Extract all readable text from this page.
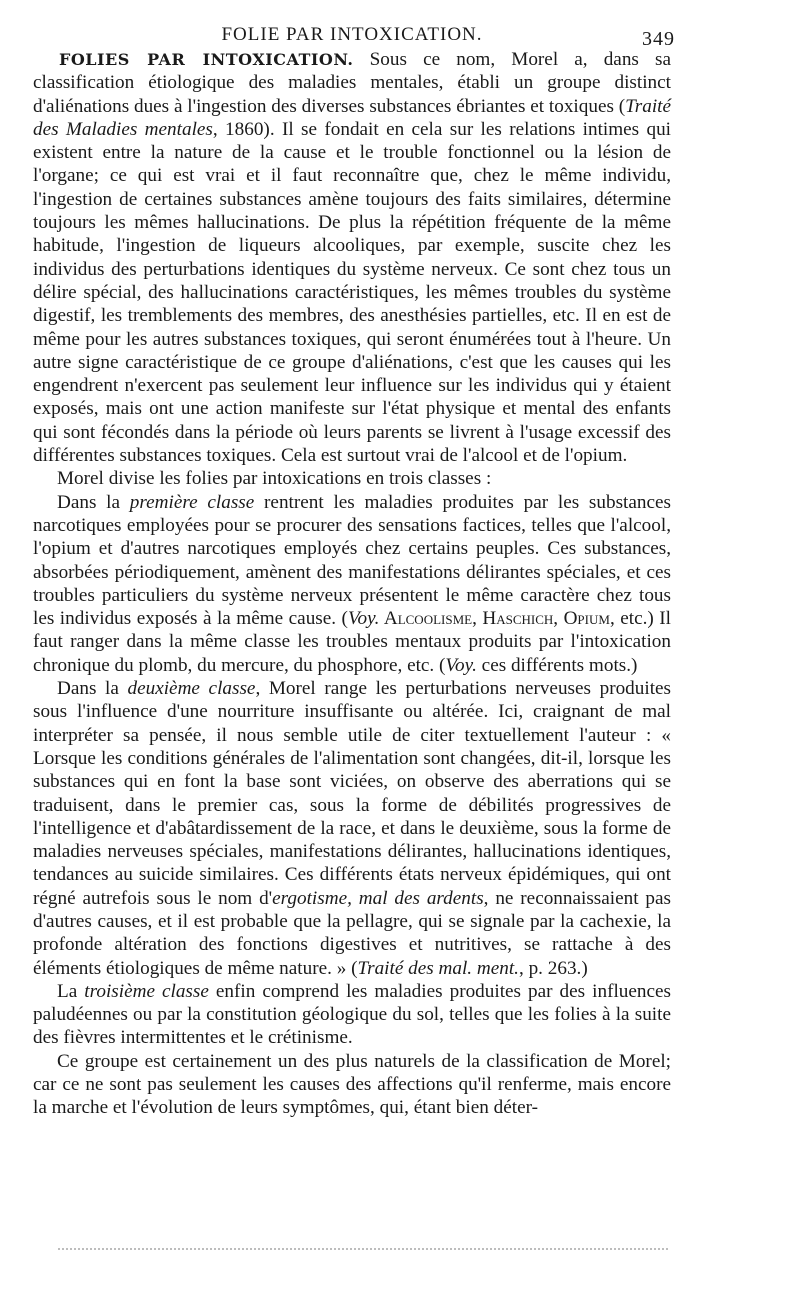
FOLIE PAR INTOXICATION.	349

FOLIES PAR INTOXICATION. Sous ce nom, Morel a, dans sa classification étiologique des maladies mentales, établi un groupe distinct d'aliénations dues à l'ingestion des diverses substances ébriantes et toxiques (Traité des Maladies mentales, 1860). Il se fondait en cela sur les relations intimes qui existent entre la nature de la cause et le trouble fonctionnel ou la lésion de l'organe; ce qui est vrai et il faut reconnaître que, chez le même individu, l'ingestion de certaines substances amène toujours des faits similaires, détermine toujours les mêmes hallucinations. De plus la répétition fréquente de la même habitude, l'ingestion de liqueurs alcooliques, par exemple, suscite chez les individus des perturbations identiques du système nerveux. Ce sont chez tous un délire spécial, des hallucinations caractéristiques, les mêmes troubles du système digestif, les tremblements des membres, des anesthésies partielles, etc. Il en est de même pour les autres substances toxiques, qui seront énumérées tout à l'heure. Un autre signe caractéristique de ce groupe d'aliénations, c'est que les causes qui les engendrent n'exercent pas seulement leur influence sur les individus qui y étaient exposés, mais ont une action manifeste sur l'état physique et mental des enfants qui sont fécondés dans la période où leurs parents se livrent à l'usage excessif des différentes substances toxiques. Cela est surtout vrai de l'alcool et de l'opium.

Morel divise les folies par intoxications en trois classes :

Dans la première classe rentrent les maladies produites par les substances narcotiques employées pour se procurer des sensations factices, telles que l'alcool, l'opium et d'autres narcotiques employés chez certains peuples. Ces substances, absorbées périodiquement, amènent des manifestations délirantes spéciales, et ces troubles particuliers du système nerveux présentent le même caractère chez tous les individus exposés à la même cause. (Voy. Alcoolisme, Haschich, Opium, etc.) Il faut ranger dans la même classe les troubles mentaux produits par l'intoxication chronique du plomb, du mercure, du phosphore, etc. (Voy. ces différents mots.)

Dans la deuxième classe, Morel range les perturbations nerveuses produites sous l'influence d'une nourriture insuffisante ou altérée. Ici, craignant de mal interpréter sa pensée, il nous semble utile de citer textuellement l'auteur : « Lorsque les conditions générales de l'alimentation sont changées, dit-il, lorsque les substances qui en font la base sont viciées, on observe des aberrations qui se traduisent, dans le premier cas, sous la forme de débilités progressives de l'intelligence et d'abâtardissement de la race, et dans le deuxième, sous la forme de maladies nerveuses spéciales, manifestations délirantes, hallucinations identiques, tendances au suicide similaires. Ces différents états nerveux épidémiques, qui ont régné autrefois sous le nom d'ergotisme, mal des ardents, ne reconnaissaient pas d'autres causes, et il est probable que la pellagre, qui se signale par la cachexie, la profonde altération des fonctions digestives et nutritives, se rattache à des éléments étiologiques de même nature. » (Traité des mal. ment., p. 263.)

La troisième classe enfin comprend les maladies produites par des influences paludéennes ou par la constitution géologique du sol, telles que les folies à la suite des fièvres intermittentes et le crétinisme.

Ce groupe est certainement un des plus naturels de la classification de Morel; car ce ne sont pas seulement les causes des affections qu'il renferme, mais encore la marche et l'évolution de leurs symptômes, qui, étant bien déter-
